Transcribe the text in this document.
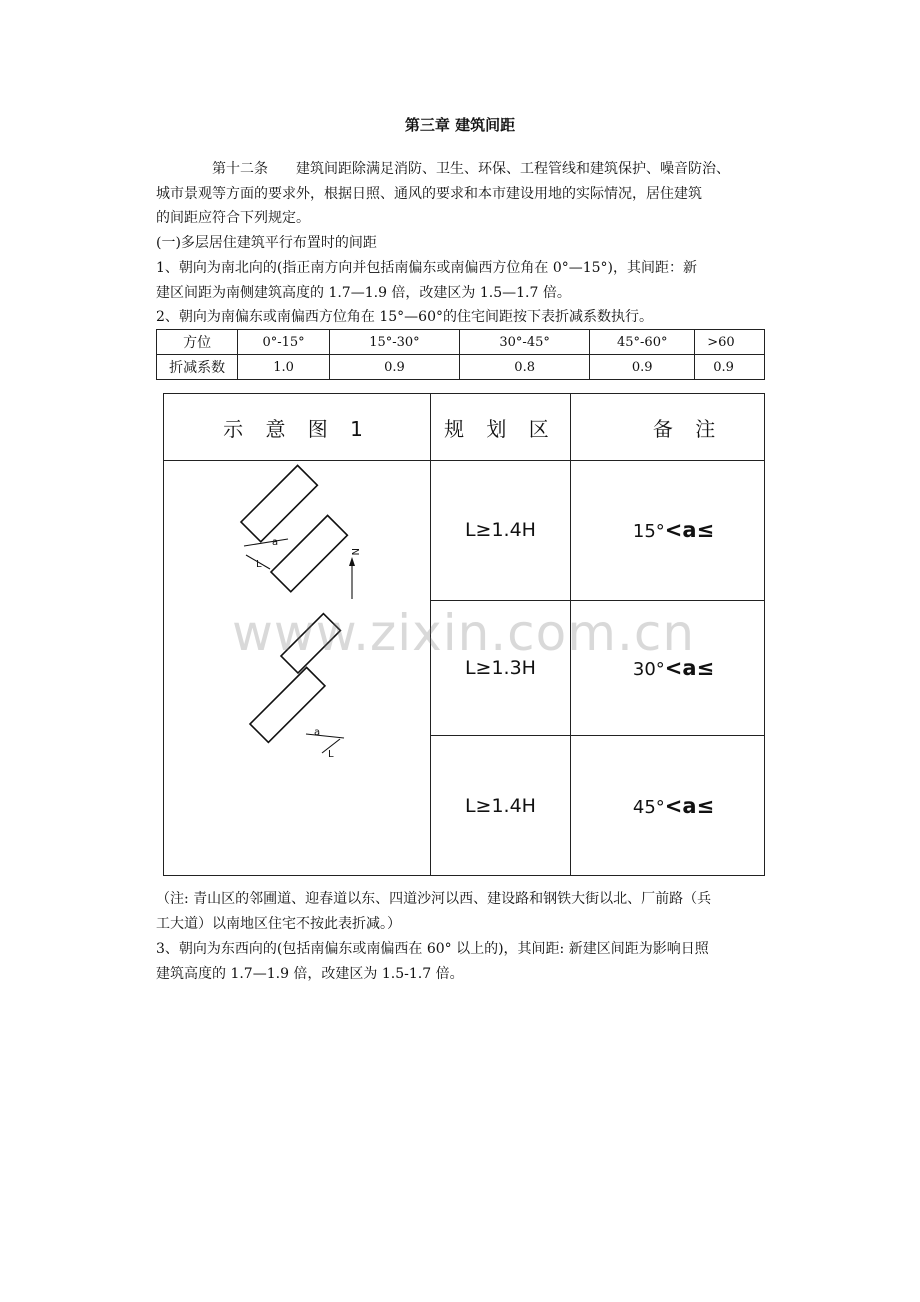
第三章 建筑间距
第十二条　　建筑间距除满足消防、卫生、环保、工程管线和建筑保护、噪音防治、
城市景观等方面的要求外，根据日照、通风的要求和本市建设用地的实际情况，居住建筑
的间距应符合下列规定。
(一)多层居住建筑平行布置时的间距
1、朝向为南北向的(指正南方向并包括南偏东或南偏西方位角在 0°—15°)，其间距：新
建区间距为南侧建筑高度的 1.7—1.9 倍，改建区为 1.5—1.7 倍。
2、朝向为南偏东或南偏西方位角在 15°—60°的住宅间距按下表折减系数执行。
方位	0°-15°	15°-30°	30°-45°	45°-60°	>60
折减系数	1.0	0.9	0.8	0.9	0.9
示 意 图 1	规 划 区	备 注

N
a
L
a
L	L≥1.4H	15°<a≤
	L≥1.3H	30°<a≤
	L≥1.4H	45°<a≤
（注: 青山区的邻圃道、迎春道以东、四道沙河以西、建设路和钢铁大街以北、厂前路（兵
工大道）以南地区住宅不按此表折减。）
3、朝向为东西向的(包括南偏东或南偏西在 60° 以上的)，其间距: 新建区间距为影响日照
建筑高度的 1.7—1.9 倍，改建区为 1.5-1.7 倍。
www.zixin.com.cn
